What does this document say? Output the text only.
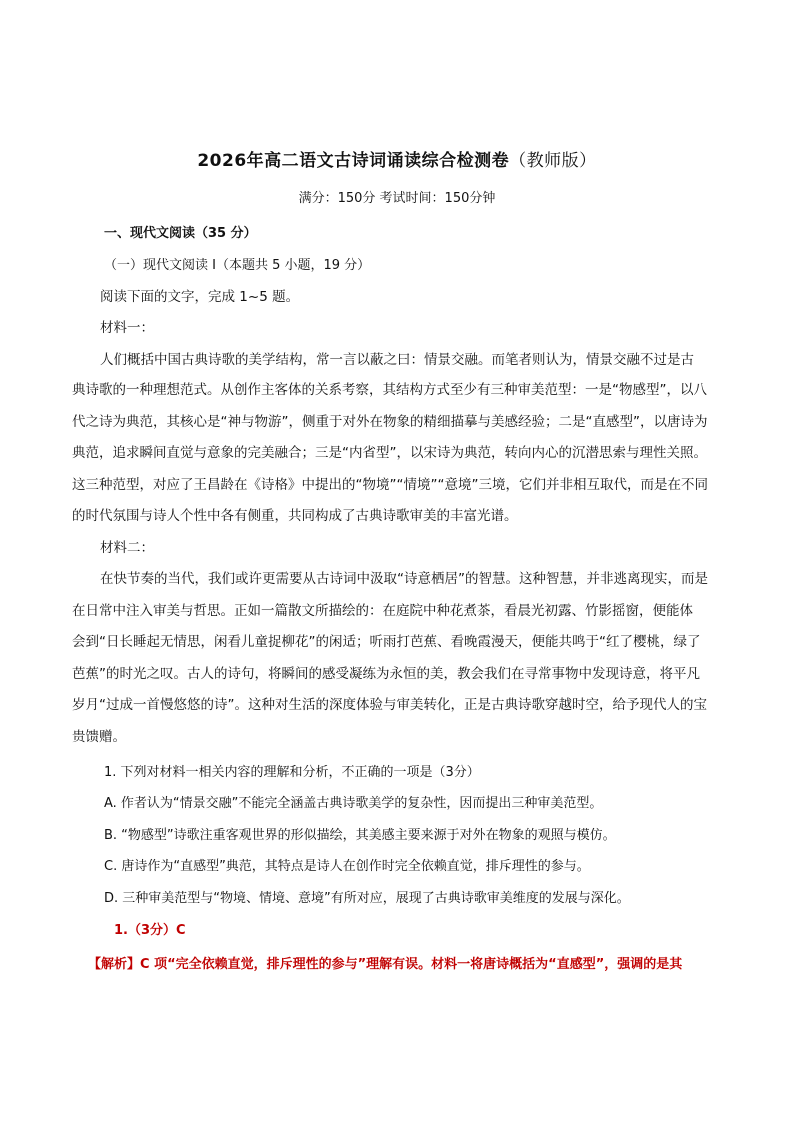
2026年高二语文古诗词诵读综合检测卷（教师版）
满分：150分 考试时间：150分钟
一、现代文阅读（35 分）
（一）现代文阅读 I（本题共 5 小题，19 分）
阅读下面的文字，完成 1~5 题。
材料一：
人们概括中国古典诗歌的美学结构，常一言以蔽之曰：情景交融。而笔者则认为，情景交融不过是古
典诗歌的一种理想范式。从创作主客体的关系考察，其结构方式至少有三种审美范型：一是“物感型”，以八
代之诗为典范，其核心是“神与物游”，侧重于对外在物象的精细描摹与美感经验；二是“直感型”，以唐诗为
典范，追求瞬间直觉与意象的完美融合；三是“内省型”，以宋诗为典范，转向内心的沉潜思索与理性关照。
这三种范型，对应了王昌龄在《诗格》中提出的“物境”“情境”“意境”三境，它们并非相互取代，而是在不同
的时代氛围与诗人个性中各有侧重，共同构成了古典诗歌审美的丰富光谱。
材料二：
在快节奏的当代，我们或许更需要从古诗词中汲取“诗意栖居”的智慧。这种智慧，并非逃离现实，而是
在日常中注入审美与哲思。正如一篇散文所描绘的：在庭院中种花煮茶，看晨光初露、竹影摇窗，便能体
会到“日长睡起无情思，闲看儿童捉柳花”的闲适；听雨打芭蕉、看晚霞漫天，便能共鸣于“红了樱桃，绿了
芭蕉”的时光之叹。古人的诗句，将瞬间的感受凝练为永恒的美，教会我们在寻常事物中发现诗意，将平凡
岁月“过成一首慢悠悠的诗”。这种对生活的深度体验与审美转化，正是古典诗歌穿越时空，给予现代人的宝
贵馈赠。
1. 下列对材料一相关内容的理解和分析，不正确的一项是（3分）
A. 作者认为“情景交融”不能完全涵盖古典诗歌美学的复杂性，因而提出三种审美范型。
B. “物感型”诗歌注重客观世界的形似描绘，其美感主要来源于对外在物象的观照与模仿。
C. 唐诗作为“直感型”典范，其特点是诗人在创作时完全依赖直觉，排斥理性的参与。
D. 三种审美范型与“物境、情境、意境”有所对应，展现了古典诗歌审美维度的发展与深化。
1.（3分）C
【解析】C 项“完全依赖直觉，排斥理性的参与”理解有误。材料一将唐诗概括为“直感型”，强调的是其
